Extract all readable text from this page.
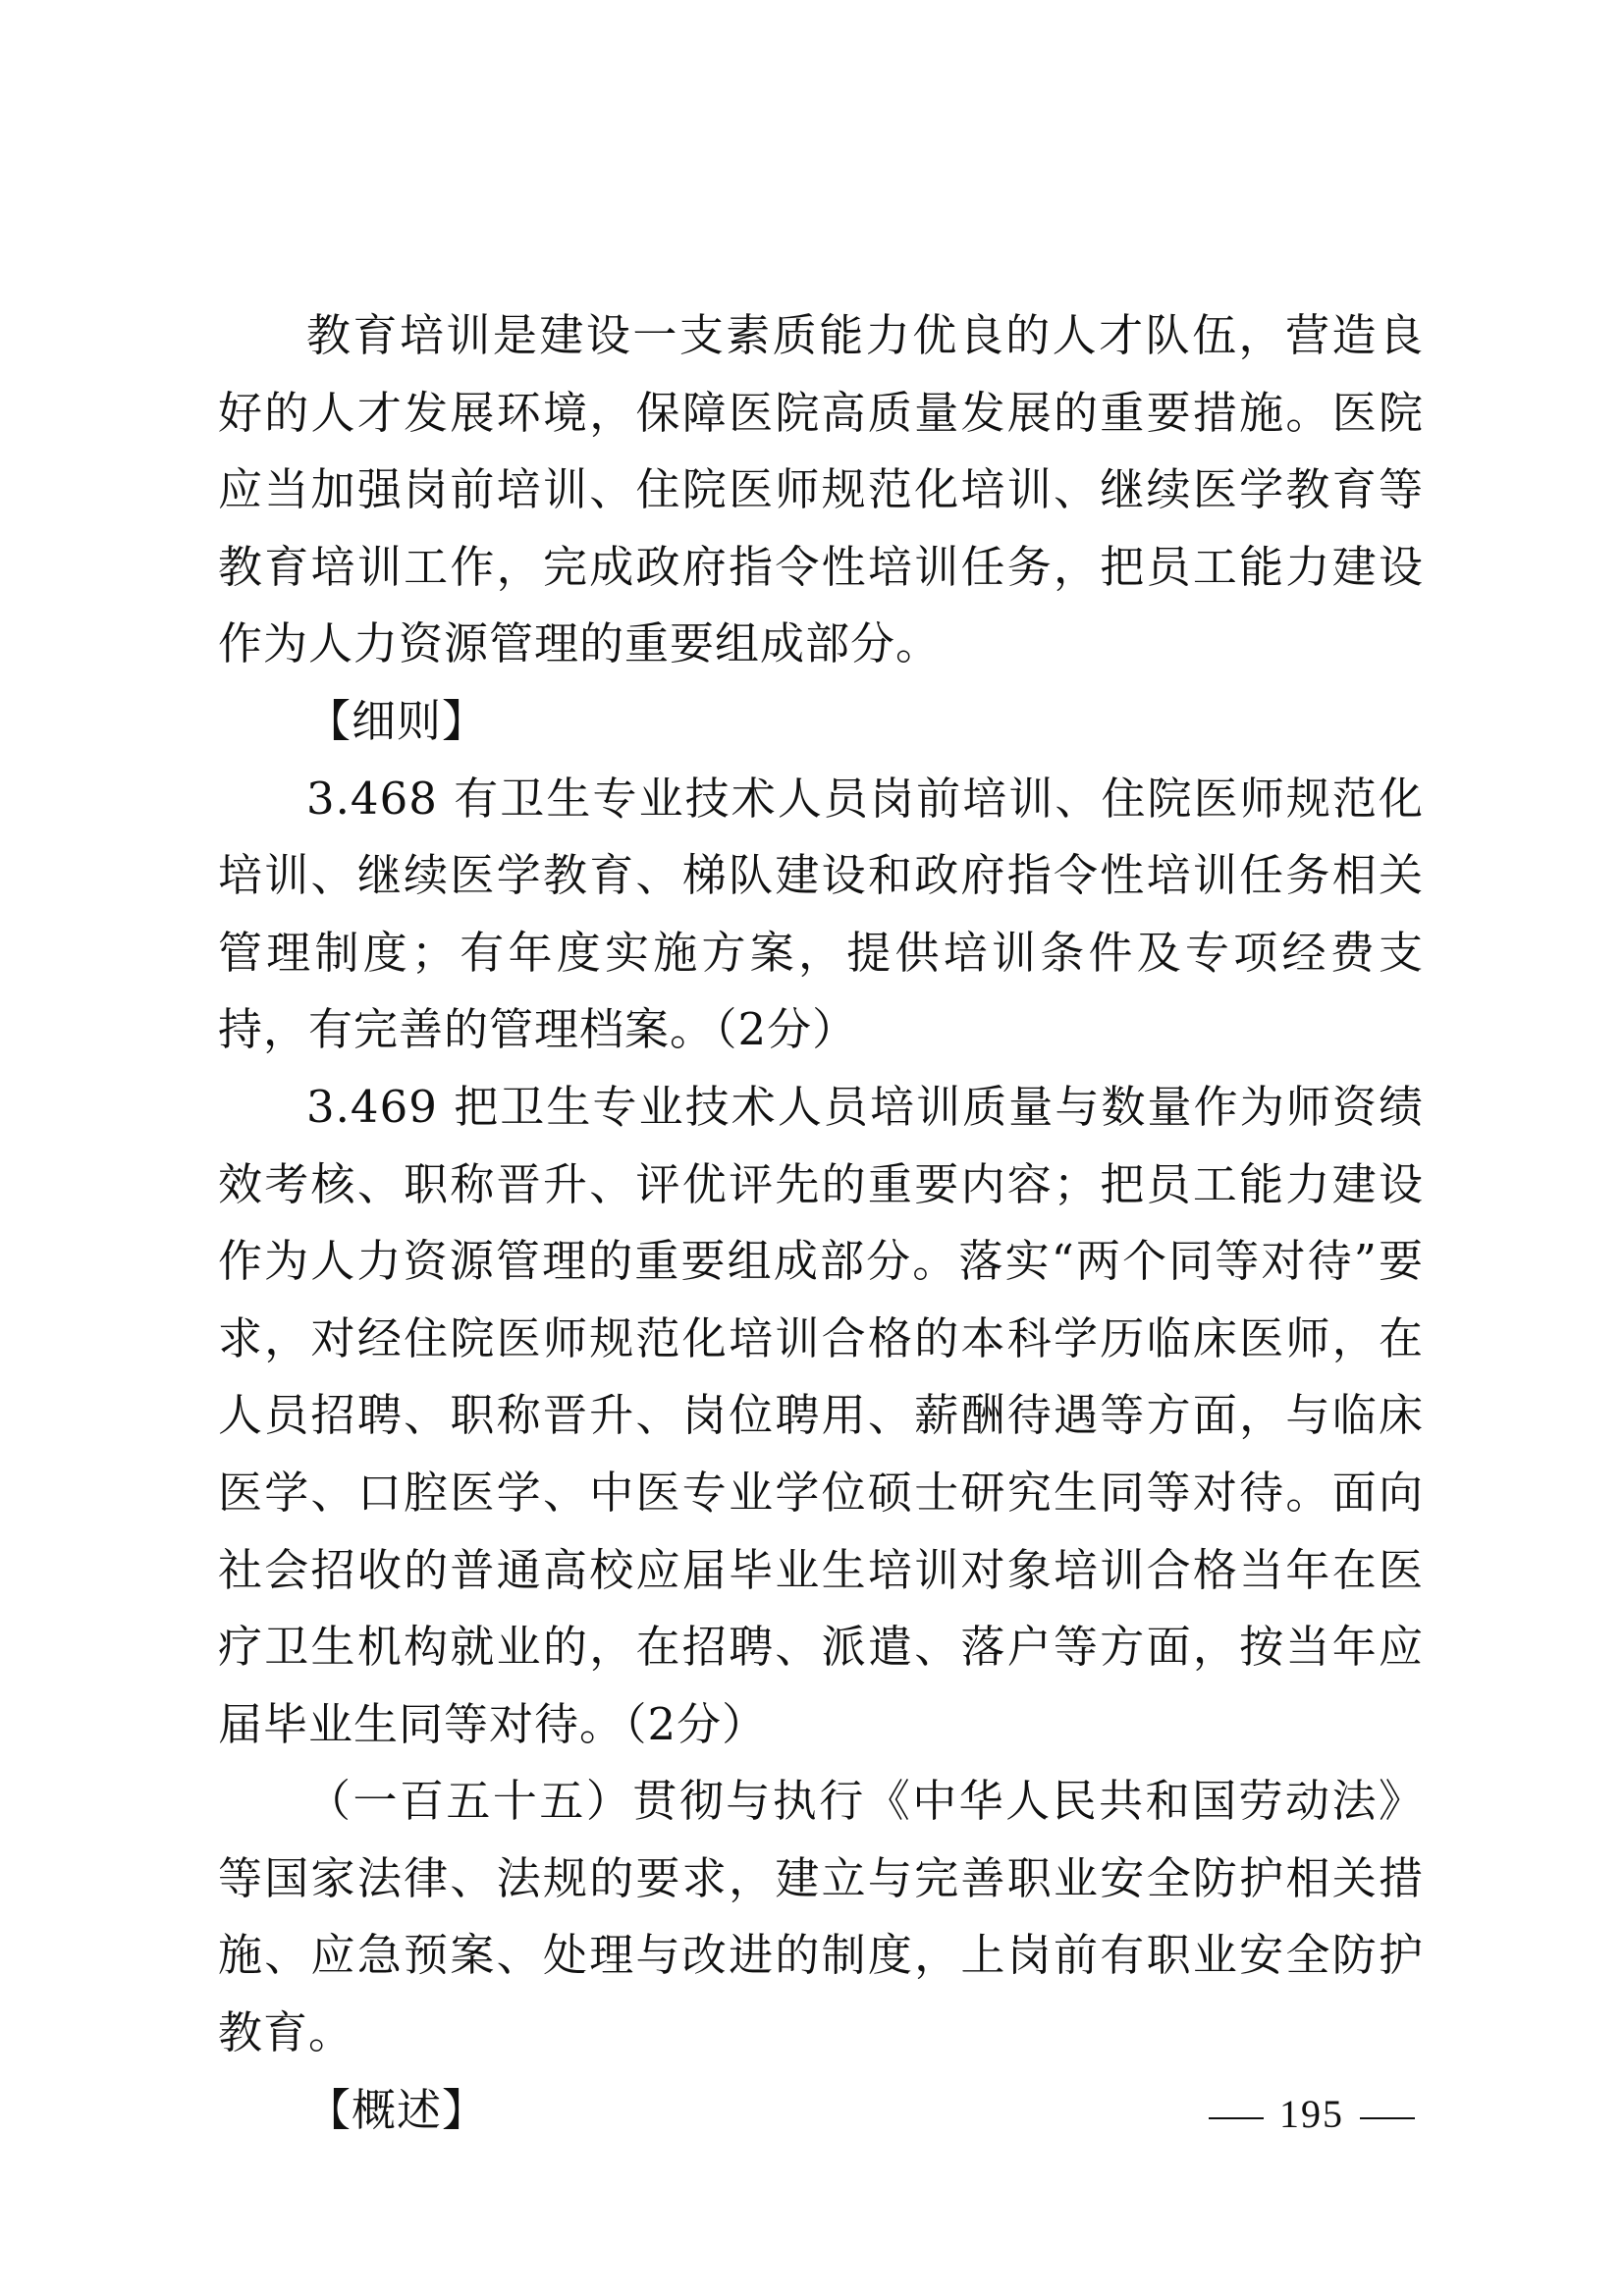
教育培训是建设一支素质能力优良的人才队伍，营造良好的人才发展环境，保障医院高质量发展的重要措施。医院应当加强岗前培训、住院医师规范化培训、继续医学教育等教育培训工作，完成政府指令性培训任务，把员工能力建设作为人力资源管理的重要组成部分。

【细则】

3.468 有卫生专业技术人员岗前培训、住院医师规范化培训、继续医学教育、梯队建设和政府指令性培训任务相关管理制度；有年度实施方案，提供培训条件及专项经费支持，有完善的管理档案。（2分）

3.469 把卫生专业技术人员培训质量与数量作为师资绩效考核、职称晋升、评优评先的重要内容；把员工能力建设作为人力资源管理的重要组成部分。落实“两个同等对待”要求，对经住院医师规范化培训合格的本科学历临床医师，在人员招聘、职称晋升、岗位聘用、薪酬待遇等方面，与临床医学、口腔医学、中医专业学位硕士研究生同等对待。面向社会招收的普通高校应届毕业生培训对象培训合格当年在医疗卫生机构就业的，在招聘、派遣、落户等方面，按当年应届毕业生同等对待。（2分）

（一百五十五）贯彻与执行《中华人民共和国劳动法》等国家法律、法规的要求，建立与完善职业安全防护相关措施、应急预案、处理与改进的制度，上岗前有职业安全防护教育。

【概述】	195
